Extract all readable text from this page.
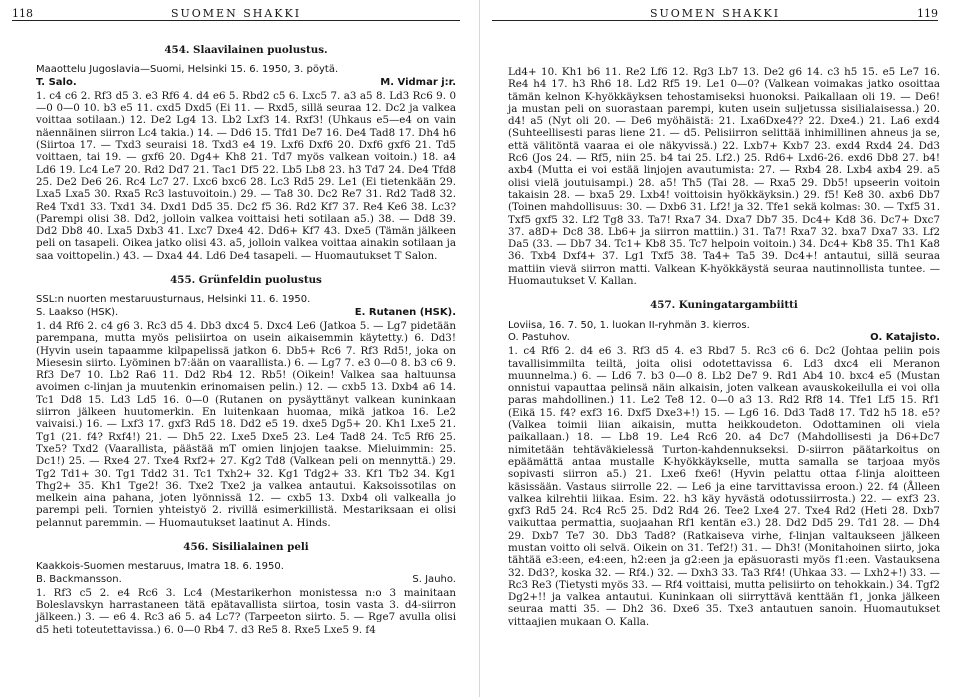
118	SUOMEN SHAKKI
454. Slaavilainen puolustus.
Maaottelu Jugoslavia—Suomi, Helsinki 15. 6. 1950, 3. pöytä.
T. Salo.	M. Vidmar j:r.
1. c4 c6 2. Rf3 d5 3. e3 Rf6 4. d4 e6 5. Rbd2 c5 6. Lxc5 7. a3 a5 8. Ld3 Rc6 9. 0—0 0—0 10. b3 e5 11. cxd5 Dxd5 (Ei 11. — Rxd5, sillä seuraa 12. Dc2 ja valkea voittaa sotilaan.) 12. De2 Lg4 13. Lb2 Lxf3 14. Rxf3! (Uhkaus e5—e4 on vain näennäinen siirron Lc4 takia.) 14. — Dd6 15. Tfd1 De7 16. De4 Tad8 17. Dh4 h6 (Siirtoa 17. — Txd3 seuraisi 18. Txd3 e4 19. Lxf6 Dxf6 20. Dxf6 gxf6 21. Td5 voittaen, tai 19. — gxf6 20. Dg4+ Kh8 21. Td7 myös valkean voitoin.) 18. a4 Ld6 19. Lc4 Le7 20. Rd2 Dd7 21. Tac1 Df5 22. Lb5 Lb8 23. h3 Td7 24. De4 Tfd8 25. De2 De6 26. Rc4 Lc7 27. Lxc6 bxc6 28. Lc3 Rd5 29. Le1 (Ei tietenkään 29. Lxa5 Lxa5 30. Rxa5 Rc3 lastuvoitoin.) 29. — Ta8 30. Dc2 Re7 31. Rd2 Tad8 32. Re4 Txd1 33. Txd1 34. Dxd1 Dd5 35. Dc2 f5 36. Rd2 Kf7 37. Re4 Ke6 38. Lc3? (Parempi olisi 38. Dd2, jolloin valkea voittaisi heti sotilaan a5.) 38. — Dd8 39. Dd2 Db8 40. Lxa5 Dxb3 41. Lxc7 Dxe4 42. Dd6+ Kf7 43. Dxe5 (Tämän jälkeen peli on tasapeli. Oikea jatko olisi 43. a5, jolloin valkea voittaa ainakin sotilaan ja saa voittopelin.) 43. — Dxa4 44. Ld6 De4 tasapeli. — Huomautukset T Salon.
455. Grünfeldin puolustus
SSL:n nuorten mestaruusturnaus, Helsinki 11. 6. 1950.
S. Laakso (HSK).	E. Rutanen (HSK).
1. d4 Rf6 2. c4 g6 3. Rc3 d5 4. Db3 dxc4 5. Dxc4 Le6 (Jatkoa 5. — Lg7 pidetään parempana, mutta myös pelisiirtoa on usein aikaisemmin käytetty.) 6. Dd3! (Hyvin usein tapaamme kilpapelissä jatkon 6. Db5+ Rc6 7. Rf3 Rd5!, joka on Miesesin siirto. Lyöminen b7:ään on vaarallista.) 6. — Lg7 7. e3 0—0 8. b3 c6 9. Rf3 De7 10. Lb2 Ra6 11. Dd2 Rb4 12. Rb5! (Oikein! Valkea saa haltuunsa avoimen c-linjan ja muutenkin erinomaisen pelin.) 12. — cxb5 13. Dxb4 a6 14. Tc1 Dd8 15. Ld3 Ld5 16. 0—0 (Rutanen on pysäyttänyt valkean kuninkaan siirron jälkeen huutomerkin. En luitenkaan huomaa, mikä jatkoa 16. Le2 vaivaisi.) 16. — Lxf3 17. gxf3 Rd5 18. Dd2 e5 19. dxe5 Dg5+ 20. Kh1 Lxe5 21. Tg1 (21. f4? Rxf4!) 21. — Dh5 22. Lxe5 Dxe5 23. Le4 Tad8 24. Tc5 Rf6 25. Txe5? Txd2 (Vaarallista, päästää mT omien linjojen taakse. Mieluimmin: 25. Dc1!) 25. — Rxe4 27. Txe4 Rxf2+ 27. Kg2 Td8 (Valkean peli on mennyttä.) 29. Tg2 Td1+ 30. Tg1 Tdd2 31. Tc1 Txh2+ 32. Kg1 Tdg2+ 33. Kf1 Tb2 34. Kg1 Thg2+ 35. Kh1 Tge2! 36. Txe2 Txe2 ja valkea antautui. Kaksoissotilas on melkein aina pahana, joten lyönnissä 12. — cxb5 13. Dxb4 oli valkealla jo parempi peli. Tornien yhteistyö 2. rivillä esimerkillistä. Mestariksaan ei olisi pelannut paremmin. — Huomautukset laatinut A. Hinds.
456. Sisilialainen peli
Kaakkois-Suomen mestaruus, Imatra 18. 6. 1950.
B. Backmansson.	S. Jauho.
1. Rf3 c5 2. e4 Rc6 3. Lc4 (Mestarikerhon monistessa n:o 3 mainitaan Boleslavskyn harrastaneen tätä epätavallista siirtoa, tosin vasta 3. d4-siirron jälkeen.) 3. — e6 4. Rc3 a6 5. a4 Lc7? (Tarpeeton siirto. 5. — Rge7 avulla olisi d5 heti toteutettavissa.) 6. 0—0 Rb4 7. d3 Re5 8. Rxe5 Lxe5 9. f4
SUOMEN SHAKKI	119
Ld4+ 10. Kh1 b6 11. Re2 Lf6 12. Rg3 Lb7 13. De2 g6 14. c3 h5 15. e5 Le7 16. Re4 h4 17. h3 Rh6 18. Ld2 Rf5 19. Le1 0—0? (Valkean voimakas jatko osoittaa tämän kelnon K-hyökkäyksen tehostamiseksi huonoksi. Paikallaan oli 19. — De6! ja mustan peli on suorastaan parempi, kuten usein suljetussa sisilialaisessa.) 20. d4! a5 (Nyt oli 20. — De6 myöhäistä: 21. Lxa6Dxe4?? 22. Dxe4.) 21. La6 exd4 (Suhteellisesti paras liene 21. — d5. Pelisiirron selittää inhimillinen ahneus ja se, että välitöntä vaaraa ei ole näkyvissä.) 22. Lxb7+ Kxb7 23. exd4 Rxd4 24. Dd3 Rc6 (Jos 24. — Rf5, niin 25. b4 tai 25. Lf2.) 25. Rd6+ Lxd6-26. exd6 Db8 27. b4! axb4 (Mutta ei voi estää linjojen avautumista: 27. — Rxb4 28. Lxb4 axb4 29. a5 olisi vielä joutuisampi.) 28. a5! Th5 (Tai 28. — Rxa5 29. Db5! upseerin voitoin takaisin 28. — bxa5 29. Lxb4! voittoisin hyökkäyksin.) 29. f5! Ke8 30. axb6 Db7 (Toinen mahdollisuus: 30. — Dxb6 31. Lf2! ja 32. Tfe1 sekä kolmas: 30. — Txf5 31. Txf5 gxf5 32. Lf2 Tg8 33. Ta7! Rxa7 34. Dxa7 Db7 35. Dc4+ Kd8 36. Dc7+ Dxc7 37. a8D+ Dc8 38. Lb6+ ja siirron mattiin.) 31. Ta7! Rxa7 32. bxa7 Dxa7 33. Lf2 Da5 (33. — Db7 34. Tc1+ Kb8 35. Tc7 helpoin voitoin.) 34. Dc4+ Kb8 35. Th1 Ka8 36. Txb4 Dxf4+ 37. Lg1 Txf5 38. Ta4+ Ta5 39. Dc4+! antautui, sillä seuraa mattiin vievä siirron matti. Valkean K-hyökkäystä seuraa nautinnollista tuntee. — Huomautukset V. Kallan.
457. Kuningatargambiitti
Loviisa, 16. 7. 50, 1. luokan II-ryhmän 3. kierros.
O. Pastuhov.	O. Katajisto.
1. c4 Rf6 2. d4 e6 3. Rf3 d5 4. e3 Rbd7 5. Rc3 c6 6. Dc2 (Johtaa peliin pois tavallisimmilta teiltä, joita olisi odotettavissa 6. Ld3 dxc4 eli Meranon muunnelma.) 6. — Ld6 7. b3 0—0 8. Lb2 De7 9. Rd1 Ab4 10. bxc4 e5 (Mustan onnistui vapauttaa pelinsä näin alkaisin, joten valkean avauskokeilulla ei voi olla paras mahdollinen.) 11. Le2 Te8 12. 0—0 a3 13. Rd2 Rf8 14. Tfe1 Lf5 15. Rf1 (Eikä 15. f4? exf3 16. Dxf5 Dxe3+!) 15. — Lg6 16. Dd3 Tad8 17. Td2 h5 18. e5? (Valkea toimii liian aikaisin, mutta heikkoudeton. Odottaminen oli viela paikallaan.) 18. — Lb8 19. Le4 Rc6 20. a4 Dc7 (Mahdollisesti ja D6+Dc7 nimitetään tehtäväkielessä Turton-kahdennukseksi. D-siirron päätarkoitus on epäämättä antaa mustalle K-hyökkäykselle, mutta samalla se tarjoaa myös sopivasti siirron a5.) 21. Lxe6 fxe6! (Hyvin pelattu ottaa f-linja aloitteen käsissään. Vastaus siirrolle 22. — Le6 ja eine tarvittavissa eroon.) 22. f4 (Ålleen valkea kilrehtii liikaa. Esim. 22. h3 käy hyvästä odotussiirrosta.) 22. — exf3 23. gxf3 Rd5 24. Rc4 Rc5 25. Dd2 Rd4 26. Tee2 Lxe4 27. Txe4 Rd2 (Heti 28. Dxb7 vaikuttaa permattia, suojaahan Rf1 kentän e3.) 28. Dd2 Dd5 29. Td1 28. — Dh4 29. Dxb7 Te7 30. Db3 Tad8? (Ratkaiseva virhe, f-linjan valtaukseen jälkeen mustan voitto oli selvä. Oikein on 31. Tef2!) 31. — Dh3! (Monitahoinen siirto, joka tähtää e3:een, e4:een, h2:een ja g2:een ja epäsuorasti myös f1:een. Vastauksena 32. Dd3?, koska 32. — Rf4.) 32. — Dxh3 33. Ta3 Rf4! (Uhkaa 33. — Lxh2+!) 33. — Rc3 Re3 (Tietysti myös 33. — Rf4 voittaisi, mutta pelisiirto on tehokkain.) 34. Tgf2 Dg2+!! ja valkea antautui. Kuninkaan oli siirryttävä kenttään f1, jonka jälkeen seuraa matti 35. — Dh2 36. Dxe6 35. Txe3 antautuen sanoin. Huomautukset vittaajien mukaan O. Kalla.
